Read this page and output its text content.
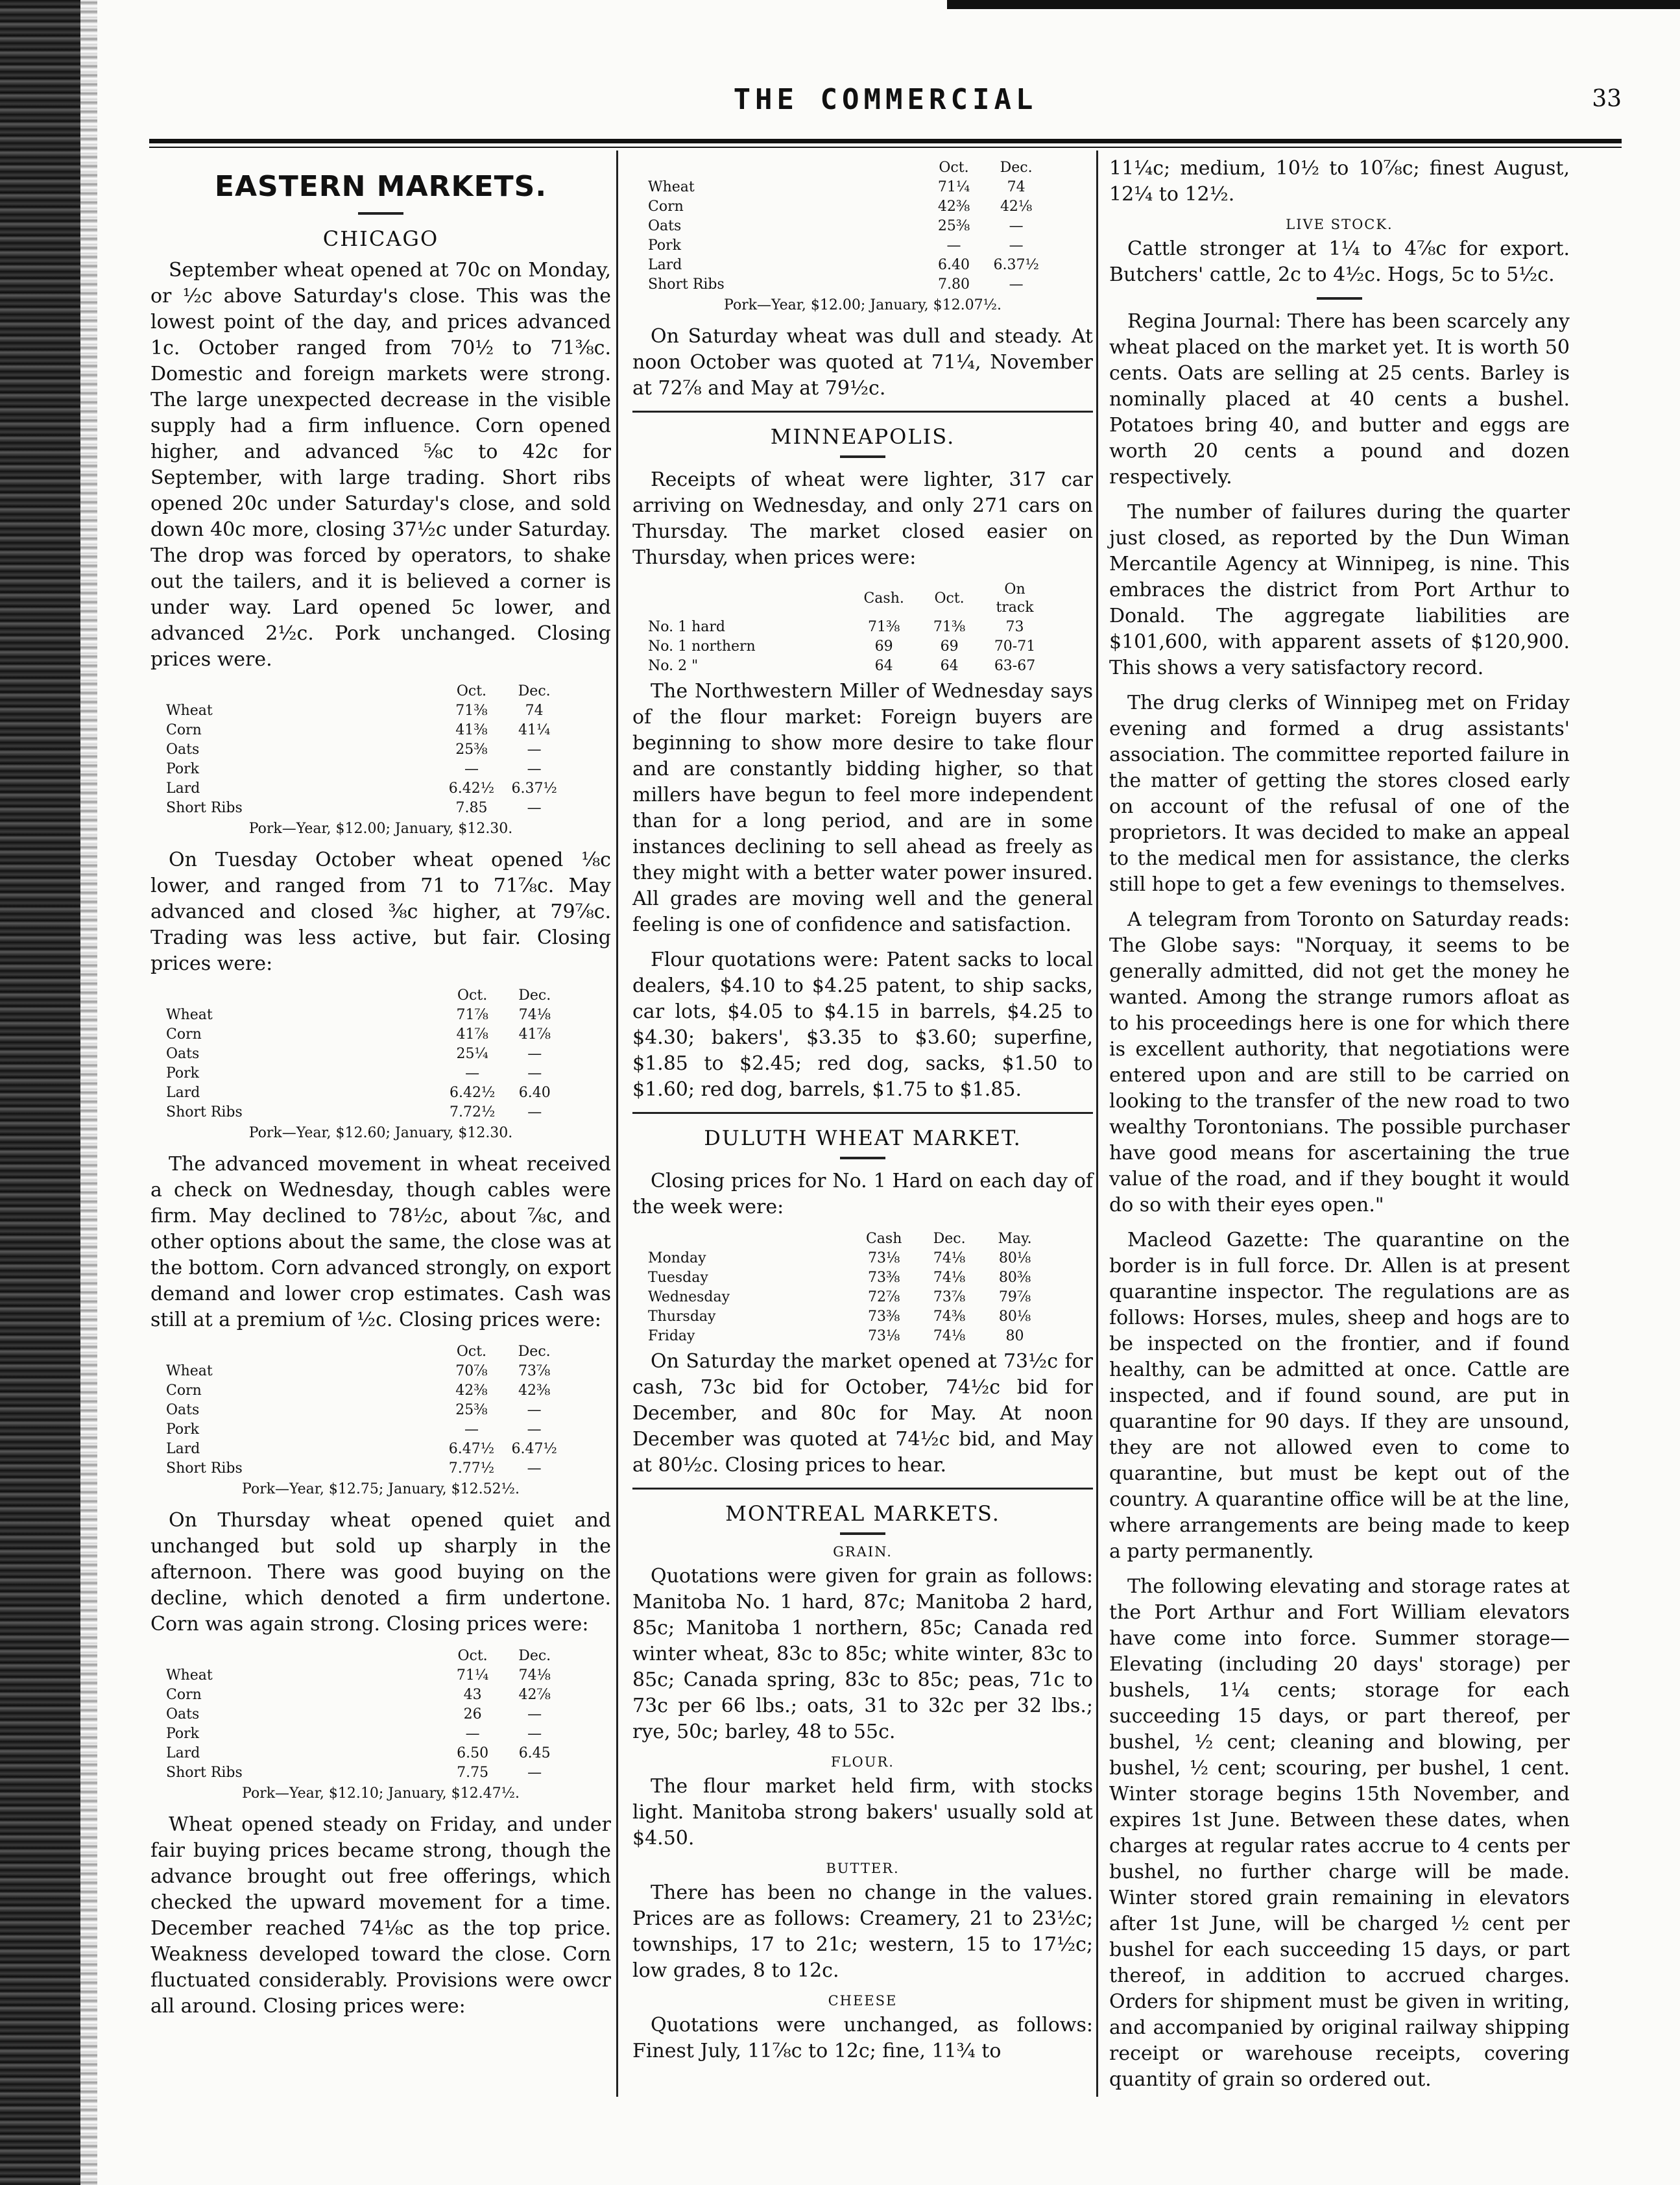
THE COMMERCIAL	33
EASTERN MARKETS.
CHICAGO

September wheat opened at 70c on Monday, or ½c above Saturday's close. This was the lowest point of the day, and prices advanced 1c. October ranged from 70½ to 71⅜c. Domestic and foreign markets were strong. The large unexpected decrease in the visible supply had a firm influence. Corn opened higher, and advanced ⅝c to 42c for September, with large trading. Short ribs opened 20c under Saturday's close, and sold down 40c more, closing 37½c under Saturday. The drop was forced by operators, to shake out the tailers, and it is believed a corner is under way. Lard opened 5c lower, and advanced 2½c. Pork unchanged. Closing prices were.

	Oct.	Dec.
Wheat	71⅜	74
Corn	41⅜	41¼
Oats	25⅜	—
Pork	—	—
Lard	6.42½	6.37½
Short Ribs	7.85	—
Pork—Year, $12.00; January, $12.30.

On Tuesday October wheat opened ⅛c lower, and ranged from 71 to 71⅞c. May advanced and closed ⅜c higher, at 79⅞c. Trading was less active, but fair. Closing prices were:

	Oct.	Dec.
Wheat	71⅞	74⅛
Corn	41⅞	41⅞
Oats	25¼	—
Pork	—	—
Lard	6.42½	6.40
Short Ribs	7.72½	—
Pork—Year, $12.60; January, $12.30.

The advanced movement in wheat received a check on Wednesday, though cables were firm. May declined to 78½c, about ⅞c, and other options about the same, the close was at the bottom. Corn advanced strongly, on export demand and lower crop estimates. Cash was still at a premium of ½c. Closing prices were:

	Oct.	Dec.
Wheat	70⅞	73⅞
Corn	42⅜	42⅜
Oats	25⅜	—
Pork	—	—
Lard	6.47½	6.47½
Short Ribs	7.77½	—
Pork—Year, $12.75; January, $12.52½.

On Thursday wheat opened quiet and unchanged but sold up sharply in the afternoon. There was good buying on the decline, which denoted a firm undertone. Corn was again strong. Closing prices were:

	Oct.	Dec.
Wheat	71¼	74⅛
Corn	43	42⅞
Oats	26	—
Pork	—	—
Lard	6.50	6.45
Short Ribs	7.75	—
Pork—Year, $12.10; January, $12.47½.

Wheat opened steady on Friday, and under fair buying prices became strong, though the advance brought out free offerings, which checked the upward movement for a time. December reached 74⅛c as the top price. Weakness developed toward the close. Corn fluctuated considerably. Provisions were owcr all around. Closing prices were:

	Oct.	Dec.
Wheat	71¼	74
Corn	42⅜	42⅛
Oats	25⅜	—
Pork	—	—
Lard	6.40	6.37½
Short Ribs	7.80	—
Pork—Year, $12.00; January, $12.07½.

On Saturday wheat was dull and steady. At noon October was quoted at 71¼, November at 72⅞ and May at 79½c.

MINNEAPOLIS.

Receipts of wheat were lighter, 317 car arriving on Wednesday, and only 271 cars on Thursday. The market closed easier on Thursday, when prices were:

	Cash.	Oct.	On track
No. 1 hard	71⅜	71⅜	73
No. 1 northern	69	69	70-71
No. 2 "	64	64	63-67

The Northwestern Miller of Wednesday says of the flour market: Foreign buyers are beginning to show more desire to take flour and are constantly bidding higher, so that millers have begun to feel more independent than for a long period, and are in some instances declining to sell ahead as freely as they might with a better water power insured. All grades are moving well and the general feeling is one of confidence and satisfaction.

Flour quotations were: Patent sacks to local dealers, $4.10 to $4.25 patent, to ship sacks, car lots, $4.05 to $4.15 in barrels, $4.25 to $4.30; bakers', $3.35 to $3.60; superfine, $1.85 to $2.45; red dog, sacks, $1.50 to $1.60; red dog, barrels, $1.75 to $1.85.

DULUTH WHEAT MARKET.

Closing prices for No. 1 Hard on each day of the week were:

	Cash	Dec.	May.
Monday	73⅛	74⅛	80⅛
Tuesday	73⅜	74⅛	80⅜
Wednesday	72⅞	73⅞	79⅞
Thursday	73⅜	74⅜	80⅛
Friday	73⅛	74⅛	80

On Saturday the market opened at 73½c for cash, 73c bid for October, 74½c bid for December, and 80c for May. At noon December was quoted at 74½c bid, and May at 80½c. Closing prices to hear.

MONTREAL MARKETS.
GRAIN.

Quotations were given for grain as follows: Manitoba No. 1 hard, 87c; Manitoba 2 hard, 85c; Manitoba 1 northern, 85c; Canada red winter wheat, 83c to 85c; white winter, 83c to 85c; Canada spring, 83c to 85c; peas, 71c to 73c per 66 lbs.; oats, 31 to 32c per 32 lbs.; rye, 50c; barley, 48 to 55c.

FLOUR.

The flour market held firm, with stocks light. Manitoba strong bakers' usually sold at $4.50.

BUTTER.

There has been no change in the values. Prices are as follows: Creamery, 21 to 23½c; townships, 17 to 21c; western, 15 to 17½c; low grades, 8 to 12c.

CHEESE

Quotations were unchanged, as follows: Finest July, 11⅞c to 12c; fine, 11¾ to

11¼c; medium, 10½ to 10⅞c; finest August, 12¼ to 12½.

LIVE STOCK.

Cattle stronger at 1¼ to 4⅞c for export. Butchers' cattle, 2c to 4½c. Hogs, 5c to 5½c.

Regina Journal: There has been scarcely any wheat placed on the market yet. It is worth 50 cents. Oats are selling at 25 cents. Barley is nominally placed at 40 cents a bushel. Potatoes bring 40, and butter and eggs are worth 20 cents a pound and dozen respectively.

The number of failures during the quarter just closed, as reported by the Dun Wiman Mercantile Agency at Winnipeg, is nine. This embraces the district from Port Arthur to Donald. The aggregate liabilities are $101,600, with apparent assets of $120,900. This shows a very satisfactory record.

The drug clerks of Winnipeg met on Friday evening and formed a drug assistants' association. The committee reported failure in the matter of getting the stores closed early on account of the refusal of one of the proprietors. It was decided to make an appeal to the medical men for assistance, the clerks still hope to get a few evenings to themselves.

A telegram from Toronto on Saturday reads: The Globe says: "Norquay, it seems to be generally admitted, did not get the money he wanted. Among the strange rumors afloat as to his proceedings here is one for which there is excellent authority, that negotiations were entered upon and are still to be carried on looking to the transfer of the new road to two wealthy Torontonians. The possible purchaser have good means for ascertaining the true value of the road, and if they bought it would do so with their eyes open."

Macleod Gazette: The quarantine on the border is in full force. Dr. Allen is at present quarantine inspector. The regulations are as follows: Horses, mules, sheep and hogs are to be inspected on the frontier, and if found healthy, can be admitted at once. Cattle are inspected, and if found sound, are put in quarantine for 90 days. If they are unsound, they are not allowed even to come to quarantine, but must be kept out of the country. A quarantine office will be at the line, where arrangements are being made to keep a party permanently.

The following elevating and storage rates at the Port Arthur and Fort William elevators have come into force. Summer storage—Elevating (including 20 days' storage) per bushels, 1¼ cents; storage for each succeeding 15 days, or part thereof, per bushel, ½ cent; cleaning and blowing, per bushel, ½ cent; scouring, per bushel, 1 cent. Winter storage begins 15th November, and expires 1st June. Between these dates, when charges at regular rates accrue to 4 cents per bushel, no further charge will be made. Winter stored grain remaining in elevators after 1st June, will be charged ½ cent per bushel for each succeeding 15 days, or part thereof, in addition to accrued charges. Orders for shipment must be given in writing, and accompanied by original railway shipping receipt or warehouse receipts, covering quantity of grain so ordered out.
